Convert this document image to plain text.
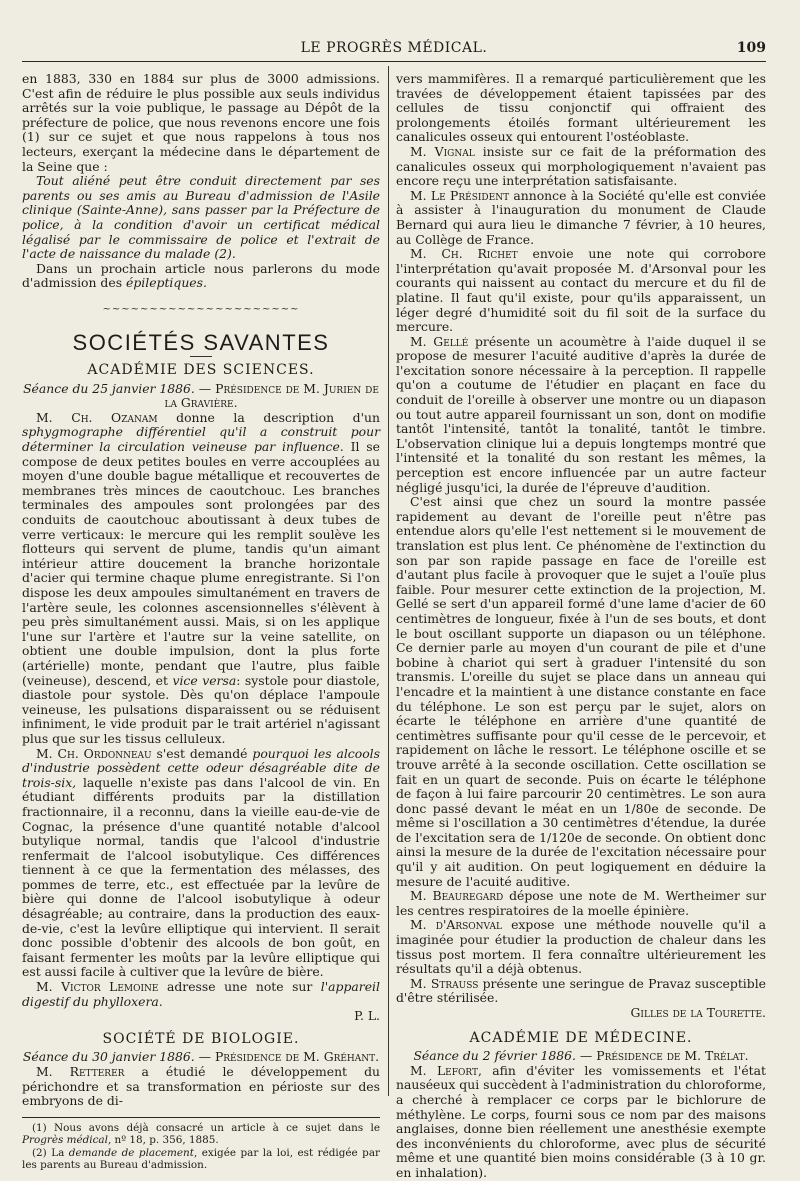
LE PROGRÈS MÉDICAL.	109

en 1883, 330 en 1884 sur plus de 3000 admissions. C'est afin de réduire le plus possible aux seuls individus arrêtés sur la voie publique, le passage au Dépôt de la préfecture de police, que nous revenons encore une fois (1) sur ce sujet et que nous rappelons à tous nos lecteurs, exerçant la médecine dans le département de la Seine que :

Tout aliéné peut être conduit directement par ses parents ou ses amis au Bureau d'admission de l'Asile clinique (Sainte-Anne), sans passer par la Préfecture de police, à la condition d'avoir un certificat médical légalisé par le commissaire de police et l'extrait de l'acte de naissance du malade (2).

Dans un prochain article nous parlerons du mode d'admission des épileptiques.

~~~~~~~~~~~~~~~~~~~~~
SOCIÉTÉS SAVANTES
ACADÉMIE DES SCIENCES.

Séance du 25 janvier 1886. — Présidence de M. Jurien de la Gravière.

M. Ch. Ozanam donne la description d'un sphygmographe différentiel qu'il a construit pour déterminer la circulation veineuse par influence. Il se compose de deux petites boules en verre accouplées au moyen d'une double bague métallique et recouvertes de membranes très minces de caoutchouc. Les branches terminales des ampoules sont prolongées par des conduits de caoutchouc aboutissant à deux tubes de verre verticaux: le mercure qui les remplit soulève les flotteurs qui servent de plume, tandis qu'un aimant intérieur attire doucement la branche horizontale d'acier qui termine chaque plume enregistrante. Si l'on dispose les deux ampoules simultanément en travers de l'artère seule, les colonnes ascensionnelles s'élèvent à peu près simultanément aussi. Mais, si on les applique l'une sur l'artère et l'autre sur la veine satellite, on obtient une double impulsion, dont la plus forte (artérielle) monte, pendant que l'autre, plus faible (veineuse), descend, et vice versa: systole pour diastole, diastole pour systole. Dès qu'on déplace l'ampoule veineuse, les pulsations disparaissent ou se réduisent infiniment, le vide produit par le trait artériel n'agissant plus que sur les tissus celluleux.

M. Ch. Ordonneau s'est demandé pourquoi les alcools d'industrie possèdent cette odeur désagréable dite de trois-six, laquelle n'existe pas dans l'alcool de vin. En étudiant différents produits par la distillation fractionnaire, il a reconnu, dans la vieille eau-de-vie de Cognac, la présence d'une quantité notable d'alcool butylique normal, tandis que l'alcool d'industrie renfermait de l'alcool isobutylique. Ces différences tiennent à ce que la fermentation des mélasses, des pommes de terre, etc., est effectuée par la levûre de bière qui donne de l'alcool isobutylique à odeur désagréable; au contraire, dans la production des eaux-de-vie, c'est la levûre elliptique qui intervient. Il serait donc possible d'obtenir des alcools de bon goût, en faisant fermenter les moûts par la levûre elliptique qui est aussi facile à cultiver que la levûre de bière.

M. Victor Lemoine adresse une note sur l'appareil digestif du phylloxera.

P. L.

SOCIÉTÉ DE BIOLOGIE.

Séance du 30 janvier 1886. — Présidence de M. Gréhant.

M. Retterer a étudié le développement du périchondre et sa transformation en périoste sur des embryons de di-

(1) Nous avons déjà consacré un article à ce sujet dans le Progrès médical, nº 18, p. 356, 1885.

(2) La demande de placement, exigée par la loi, est rédigée par les parents au Bureau d'admission.

vers mammifères. Il a remarqué particulièrement que les travées de développement étaient tapissées par des cellules de tissu conjonctif qui offraient des prolongements étoilés formant ultérieurement les canalicules osseux qui entourent l'ostéoblaste.

M. Vignal insiste sur ce fait de la préformation des canalicules osseux qui morphologiquement n'avaient pas encore reçu une interprétation satisfaisante.

M. Le Président annonce à la Société qu'elle est conviée à assister à l'inauguration du monument de Claude Bernard qui aura lieu le dimanche 7 février, à 10 heures, au Collège de France.

M. Ch. Richet envoie une note qui corrobore l'interprétation qu'avait proposée M. d'Arsonval pour les courants qui naissent au contact du mercure et du fil de platine. Il faut qu'il existe, pour qu'ils apparaissent, un léger degré d'humidité soit du fil soit de la surface du mercure.

M. Gellé présente un acoumètre à l'aide duquel il se propose de mesurer l'acuité auditive d'après la durée de l'excitation sonore nécessaire à la perception. Il rappelle qu'on a coutume de l'étudier en plaçant en face du conduit de l'oreille à observer une montre ou un diapason ou tout autre appareil fournissant un son, dont on modifie tantôt l'intensité, tantôt la tonalité, tantôt le timbre. L'observation clinique lui a depuis longtemps montré que l'intensité et la tonalité du son restant les mêmes, la perception est encore influencée par un autre facteur négligé jusqu'ici, la durée de l'épreuve d'audition.

C'est ainsi que chez un sourd la montre passée rapidement au devant de l'oreille peut n'être pas entendue alors qu'elle l'est nettement si le mouvement de translation est plus lent. Ce phénomène de l'extinction du son par son rapide passage en face de l'oreille est d'autant plus facile à provoquer que le sujet a l'ouïe plus faible. Pour mesurer cette extinction de la projection, M. Gellé se sert d'un appareil formé d'une lame d'acier de 60 centimètres de longueur, fixée à l'un de ses bouts, et dont le bout oscillant supporte un diapason ou un téléphone. Ce dernier parle au moyen d'un courant de pile et d'une bobine à chariot qui sert à graduer l'intensité du son transmis. L'oreille du sujet se place dans un anneau qui l'encadre et la maintient à une distance constante en face du téléphone. Le son est perçu par le sujet, alors on écarte le téléphone en arrière d'une quantité de centimètres suffisante pour qu'il cesse de le percevoir, et rapidement on lâche le ressort. Le téléphone oscille et se trouve arrêté à la seconde oscillation. Cette oscillation se fait en un quart de seconde. Puis on écarte le téléphone de façon à lui faire parcourir 20 centimètres. Le son aura donc passé devant le méat en un 1/80e de seconde. De même si l'oscillation a 30 centimètres d'étendue, la durée de l'excitation sera de 1/120e de seconde. On obtient donc ainsi la mesure de la durée de l'excitation nécessaire pour qu'il y ait audition. On peut logiquement en déduire la mesure de l'acuité auditive.

M. Beauregard dépose une note de M. Wertheimer sur les centres respiratoires de la moelle épinière.

M. d'Arsonval expose une méthode nouvelle qu'il a imaginée pour étudier la production de chaleur dans les tissus post mortem. Il fera connaître ultérieurement les résultats qu'il a déjà obtenus.

M. Strauss présente une seringue de Pravaz susceptible d'être stérilisée.

Gilles de la Tourette.

ACADÉMIE DE MÉDECINE.

Séance du 2 février 1886. — Présidence de M. Trélat.

M. Lefort, afin d'éviter les vomissements et l'état nauséeux qui succèdent à l'administration du chloroforme, a cherché à remplacer ce corps par le bichlorure de méthylène. Le corps, fourni sous ce nom par des maisons anglaises, donne bien réellement une anesthésie exempte des inconvénients du chloroforme, avec plus de sécurité même et une quantité bien moins considérable (3 à 10 gr. en inhalation).
